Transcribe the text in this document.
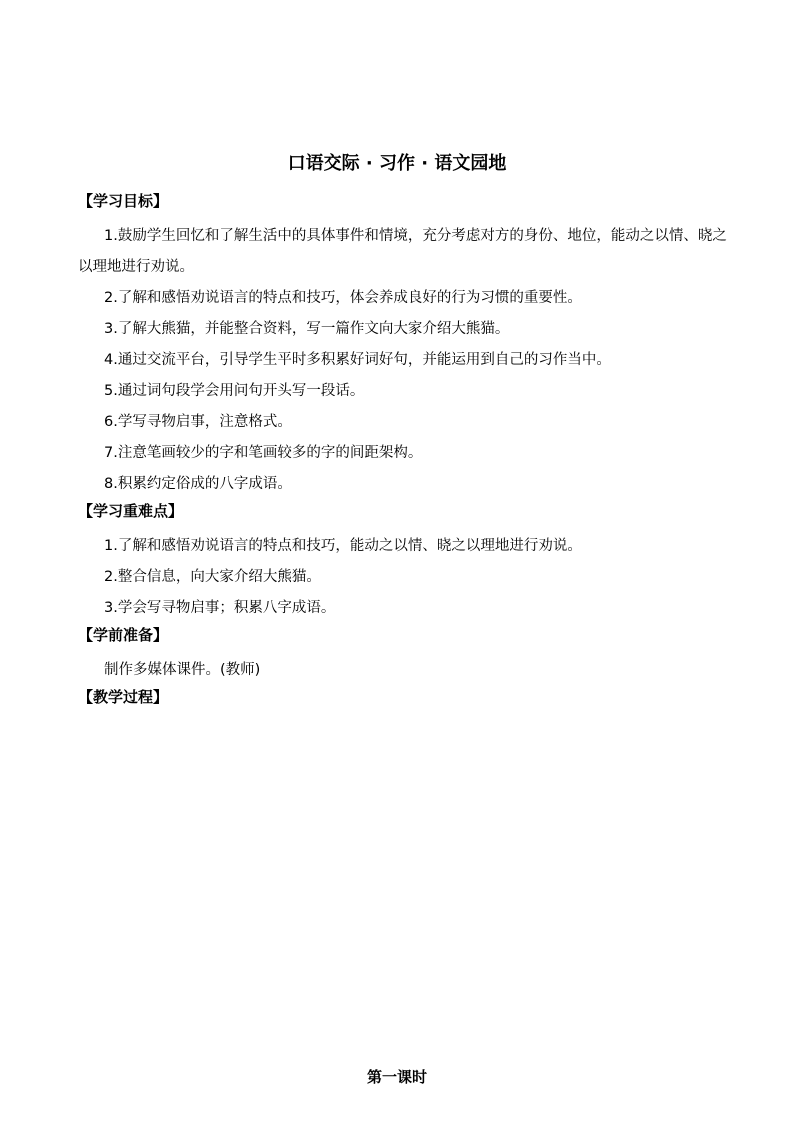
口语交际 · 习作 · 语文园地

【学习目标】

1.鼓励学生回忆和了解生活中的具体事件和情境，充分考虑对方的身份、地位，能动之以情、晓之以理地进行劝说。

2.了解和感悟劝说语言的特点和技巧，体会养成良好的行为习惯的重要性。

3.了解大熊猫，并能整合资料，写一篇作文向大家介绍大熊猫。

4.通过交流平台，引导学生平时多积累好词好句，并能运用到自己的习作当中。

5.通过词句段学会用问句开头写一段话。

6.学写寻物启事，注意格式。

7.注意笔画较少的字和笔画较多的字的间距架构。

8.积累约定俗成的八字成语。

【学习重难点】

1.了解和感悟劝说语言的特点和技巧，能动之以情、晓之以理地进行劝说。

2.整合信息，向大家介绍大熊猫。

3.学会写寻物启事；积累八字成语。

【学前准备】

制作多媒体课件。(教师)

【教学过程】

第一课时
